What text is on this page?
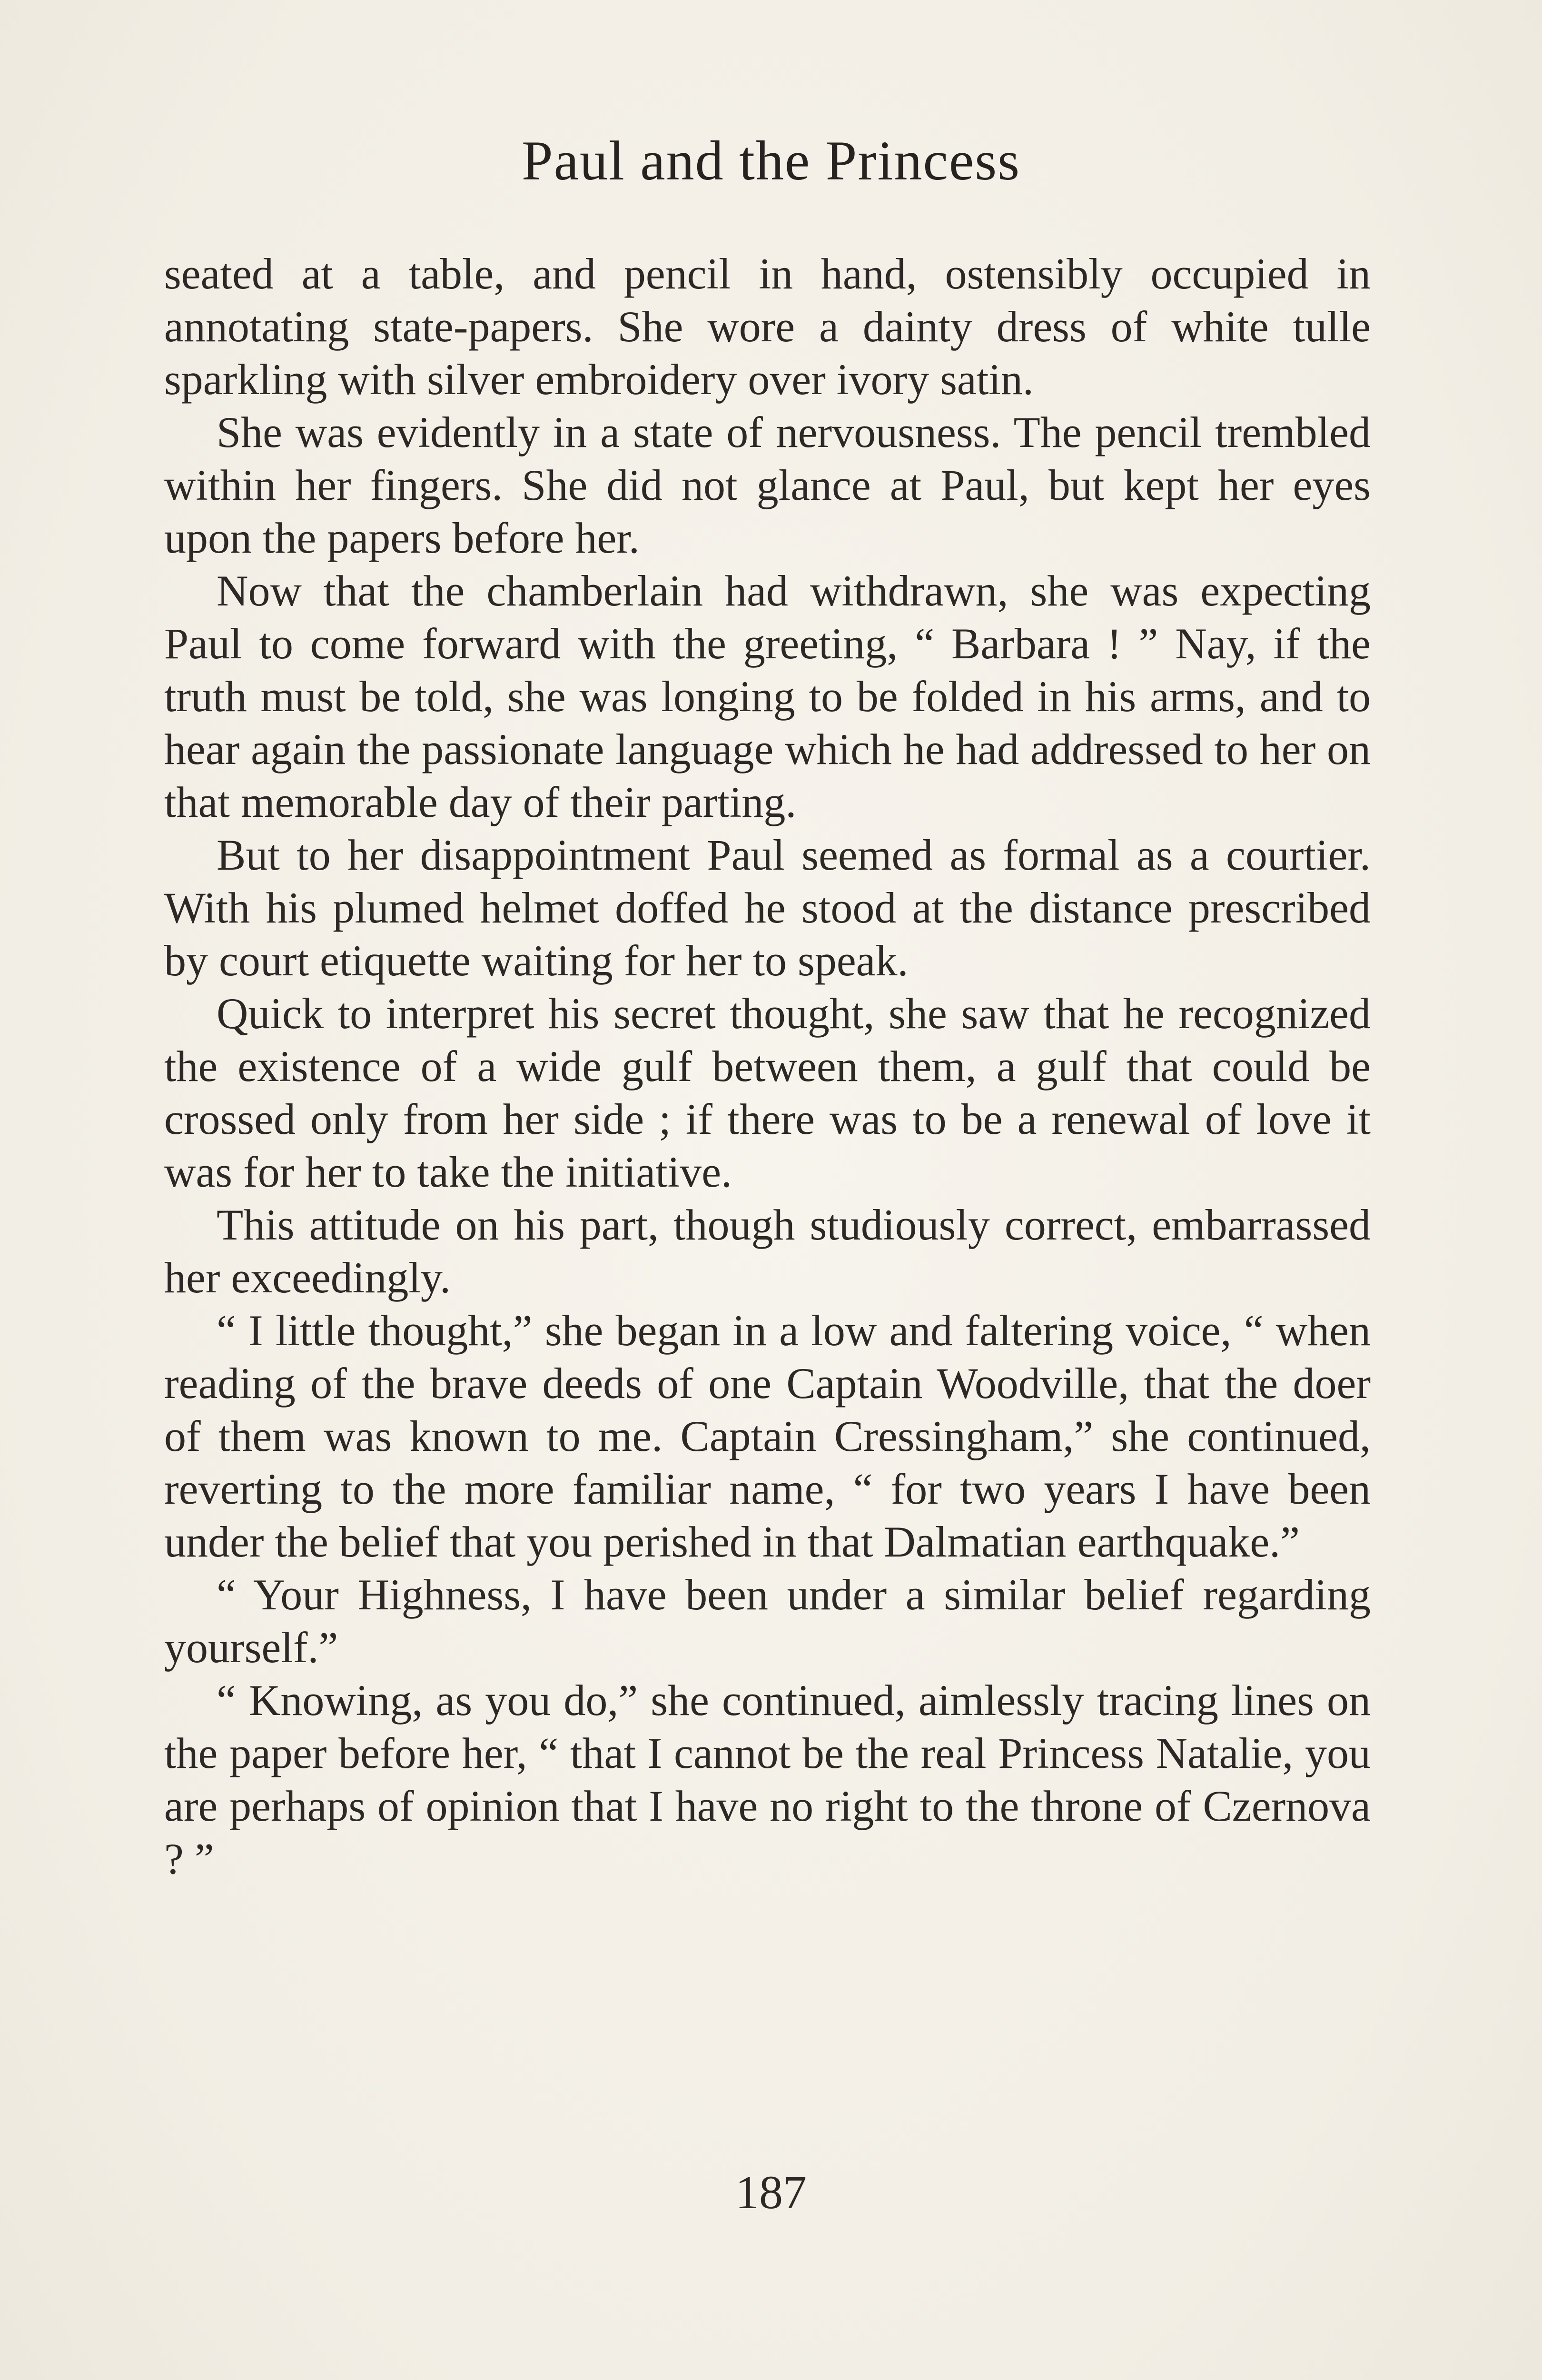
Paul and the Princess

seated at a table, and pencil in hand, ostensibly occupied in annotating state-papers. She wore a dainty dress of white tulle sparkling with silver embroidery over ivory satin.

She was evidently in a state of nervousness. The pencil trembled within her fingers. She did not glance at Paul, but kept her eyes upon the papers before her.

Now that the chamberlain had withdrawn, she was expecting Paul to come forward with the greeting, “ Barbara ! ” Nay, if the truth must be told, she was longing to be folded in his arms, and to hear again the passionate language which he had addressed to her on that memorable day of their parting.

But to her disappointment Paul seemed as formal as a courtier. With his plumed helmet doffed he stood at the distance prescribed by court etiquette waiting for her to speak.

Quick to interpret his secret thought, she saw that he recognized the existence of a wide gulf between them, a gulf that could be crossed only from her side ; if there was to be a renewal of love it was for her to take the initiative.

This attitude on his part, though studiously correct, embarrassed her exceedingly.

“ I little thought,” she began in a low and faltering voice, “ when reading of the brave deeds of one Captain Woodville, that the doer of them was known to me. Captain Cressingham,” she continued, reverting to the more familiar name, “ for two years I have been under the belief that you perished in that Dalmatian earthquake.”

“ Your Highness, I have been under a similar belief regarding yourself.”

“ Knowing, as you do,” she continued, aimlessly tracing lines on the paper before her, “ that I cannot be the real Princess Natalie, you are perhaps of opinion that I have no right to the throne of Czernova ? ”

187
